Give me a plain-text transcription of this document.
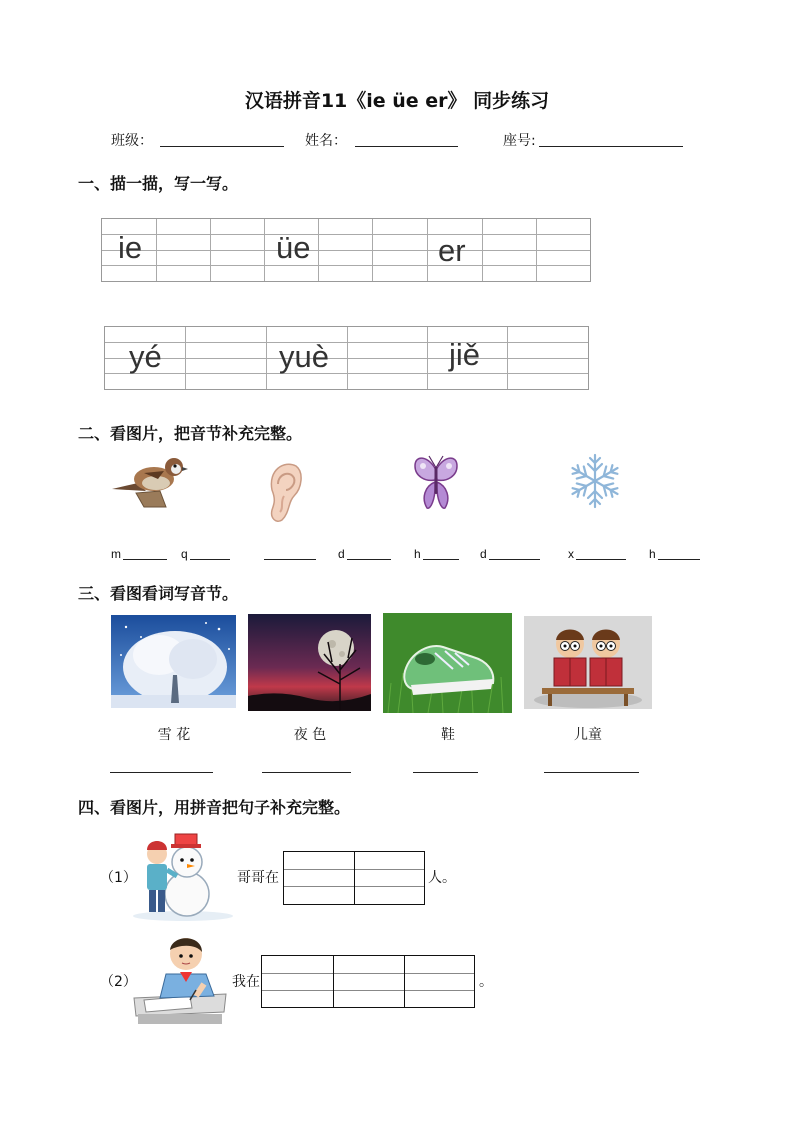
汉语拼音11《ie üe er》 同步练习
班级：	姓名：	座号:
一、描一描，写一写。
ie	üe	er
yé	yuè	jiě
二、看图片，把音节补充完整。
m	q	d	h	d	x	h
三、看图看词写音节。
雪 花	夜 色	鞋	儿童
四、看图片，用拼音把句子补充完整。
（1）	哥哥在	人。
（2）	我在	。
